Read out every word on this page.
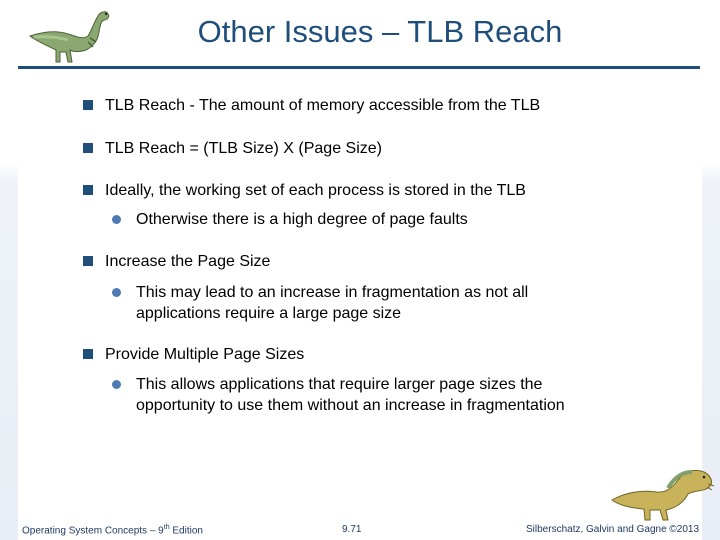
Other Issues – TLB Reach
TLB Reach - The amount of memory accessible from the TLB
TLB Reach = (TLB Size) X (Page Size)
Ideally, the working set of each process is stored in the TLB
Otherwise there is a high degree of page faults
Increase the Page Size
This may lead to an increase in fragmentation as not all
applications require a large page size
Provide Multiple Page Sizes
This allows applications that require larger page sizes the
opportunity to use them without an increase in fragmentation
Operating System Concepts – 9th Edition	9.71	Silberschatz, Galvin and Gagne ©2013
